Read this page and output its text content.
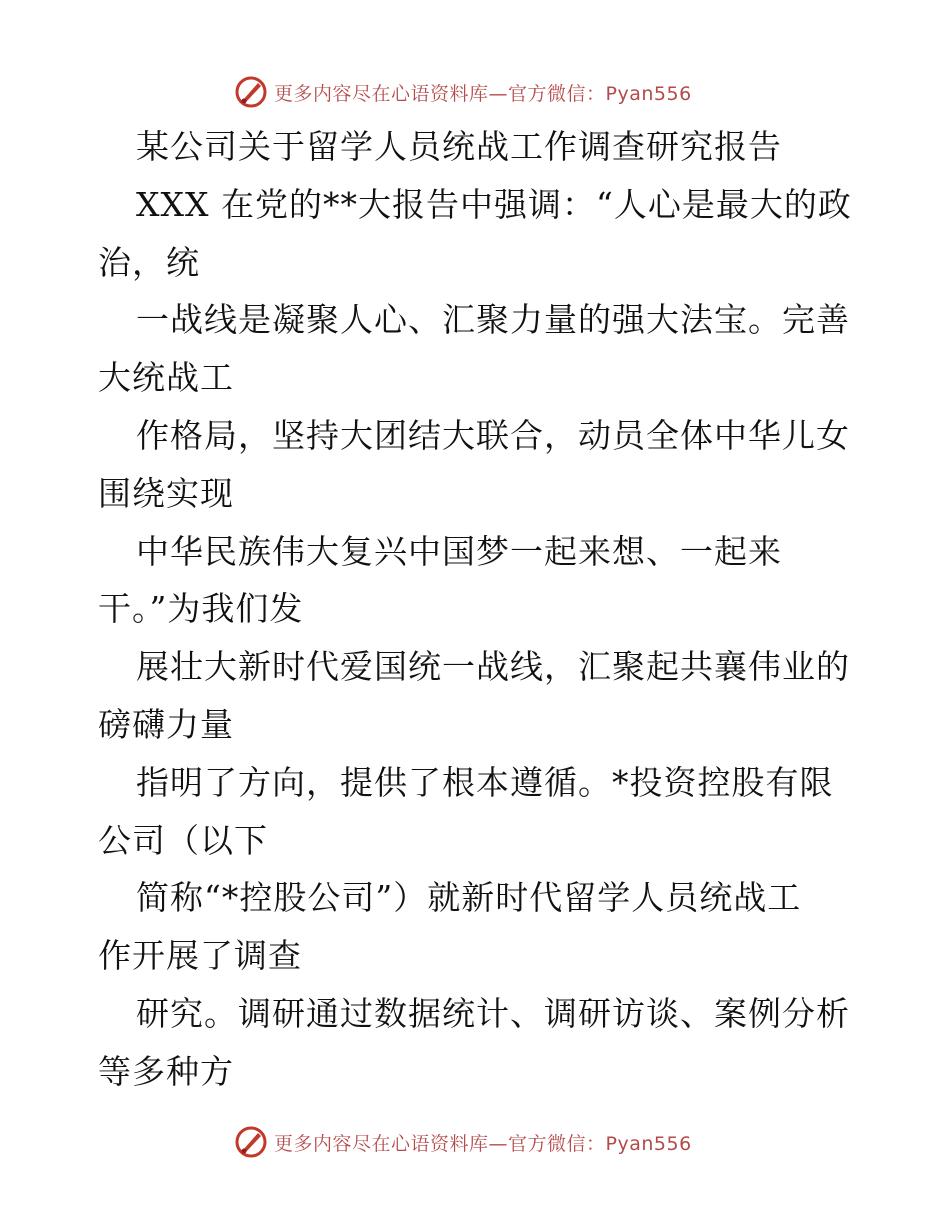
更多内容尽在心语资料库—官方微信：Pyan556
某公司关于留学人员统战工作调查研究报告
XXX 在党的**大报告中强调：“人心是最大的政
治，统
一战线是凝聚人心、汇聚力量的强大法宝。完善
大统战工
作格局，坚持大团结大联合，动员全体中华儿女
围绕实现
中华民族伟大复兴中国梦一起来想、一起来
干。”为我们发
展壮大新时代爱国统一战线，汇聚起共襄伟业的
磅礴力量
指明了方向，提供了根本遵循。*投资控股有限
公司（以下
简称“*控股公司”）就新时代留学人员统战工
作开展了调查
研究。调研通过数据统计、调研访谈、案例分析
等多种方
更多内容尽在心语资料库—官方微信：Pyan556
